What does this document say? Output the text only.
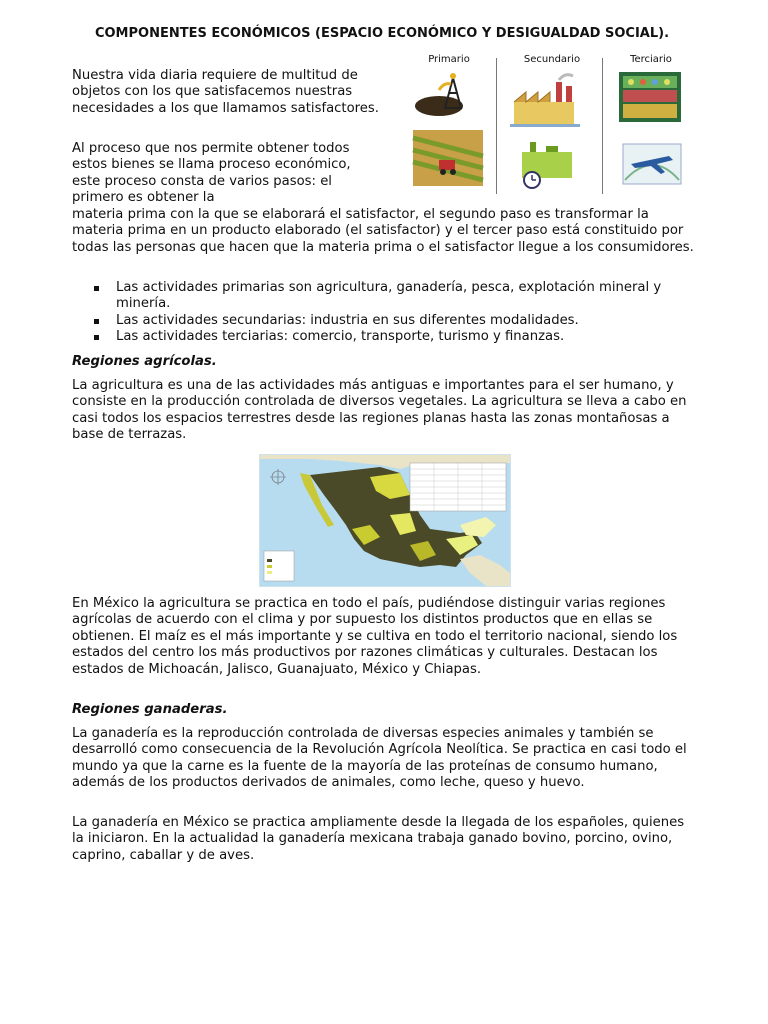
COMPONENTES ECONÓMICOS (ESPACIO ECONÓMICO Y DESIGUALDAD SOCIAL).

Nuestra vida diaria requiere de multitud de objetos con los que satisfacemos nuestras necesidades a los que llamamos satisfactores.

Al proceso que nos permite obtener todos estos bienes se llama proceso económico, este proceso consta de varios pasos: el primero es obtener la

materia prima con la que se elaborará el satisfactor, el segundo paso es transformar la materia prima en un producto elaborado (el satisfactor) y el tercer paso está constituido por todas las personas que hacen que la materia prima o el satisfactor llegue a los consumidores.

Primario	Secundario	Terciario
Las actividades primarias son agricultura, ganadería, pesca, explotación mineral y minería.
Las actividades secundarias: industria en sus diferentes modalidades.
Las actividades terciarias: comercio, transporte, turismo y finanzas.
Regiones agrícolas.

La agricultura es una de las actividades más antiguas e importantes para el ser humano, y consiste en la producción controlada de diversos vegetales. La agricultura se lleva a cabo en casi todos los espacios terrestres desde las regiones planas hasta las zonas montañosas a base de terrazas.

En México la agricultura se practica en todo el país, pudiéndose distinguir varias regiones agrícolas de acuerdo con el clima y por supuesto los distintos productos que en ellas se obtienen. El maíz es el más importante y se cultiva en todo el territorio nacional, siendo los estados del centro los más productivos por razones climáticas y culturales. Destacan los estados de Michoacán, Jalisco, Guanajuato, México y Chiapas.

Regiones ganaderas.

La ganadería es la reproducción controlada de diversas especies animales y también se desarrolló como consecuencia de la Revolución Agrícola Neolítica. Se practica en casi todo el mundo ya que la carne es la fuente de la mayoría de las proteínas de consumo humano, además de los productos derivados de animales, como leche, queso y huevo.

La ganadería en México se practica ampliamente desde la llegada de los españoles, quienes la iniciaron. En la actualidad la ganadería mexicana trabaja ganado bovino, porcino, ovino, caprino, caballar y de aves.
